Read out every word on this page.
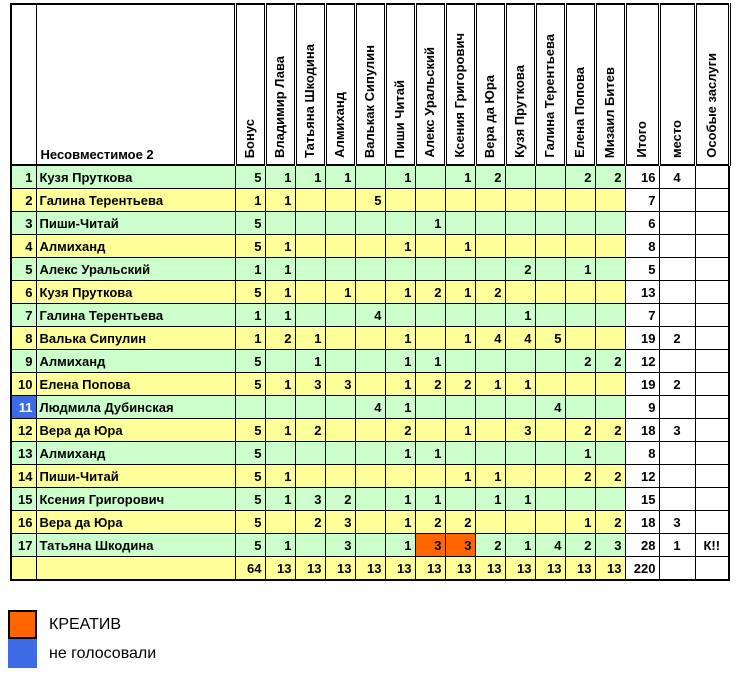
	Несовместимое 2	Бонус	Владимир Лава	Татьяна Шкодина	Алмиханд	Валькак Сипулин	Пиши Читай	Алекс Уральский	Ксения Григорович	Вера да Юра	Кузя Пруткова	Галина Терентьева	Елена Попова	Мизаил Битев	Итого	место	Особые заслуги
1	Кузя Пруткова	5	1	1	1		1		1	2			2	2	16	4	
2	Галина Терентьева	1	1			5									7		
3	Пиши-Читай	5						1							6		
4	Алмиханд	5	1				1		1						8		
5	Алекс Уральский	1	1								2		1		5		
6	Кузя Пруткова	5	1		1		1	2	1	2					13		
7	Галина Терентьева	1	1			4					1				7		
8	Валька Сипулин	1	2	1			1		1	4	4	5			19	2	
9	Алмиханд	5		1			1	1					2	2	12		
10	Елена Попова	5	1	3	3		1	2	2	1	1				19	2	
11	Людмила Дубинская					4	1					4			9		
12	Вера да Юра	5	1	2			2		1		3		2	2	18	3	
13	Алмиханд	5					1	1					1		8		
14	Пиши-Читай	5	1						1	1			2	2	12		
15	Ксения Григорович	5	1	3	2		1	1		1	1				15		
16	Вера да Юра	5		2	3		1	2	2				1	2	18	3	
17	Татьяна Шкодина	5	1		3		1	3	3	2	1	4	2	3	28	1	К!!
		64	13	13	13	13	13	13	13	13	13	13	13	13	220		
КРЕАТИВ
не голосовали
